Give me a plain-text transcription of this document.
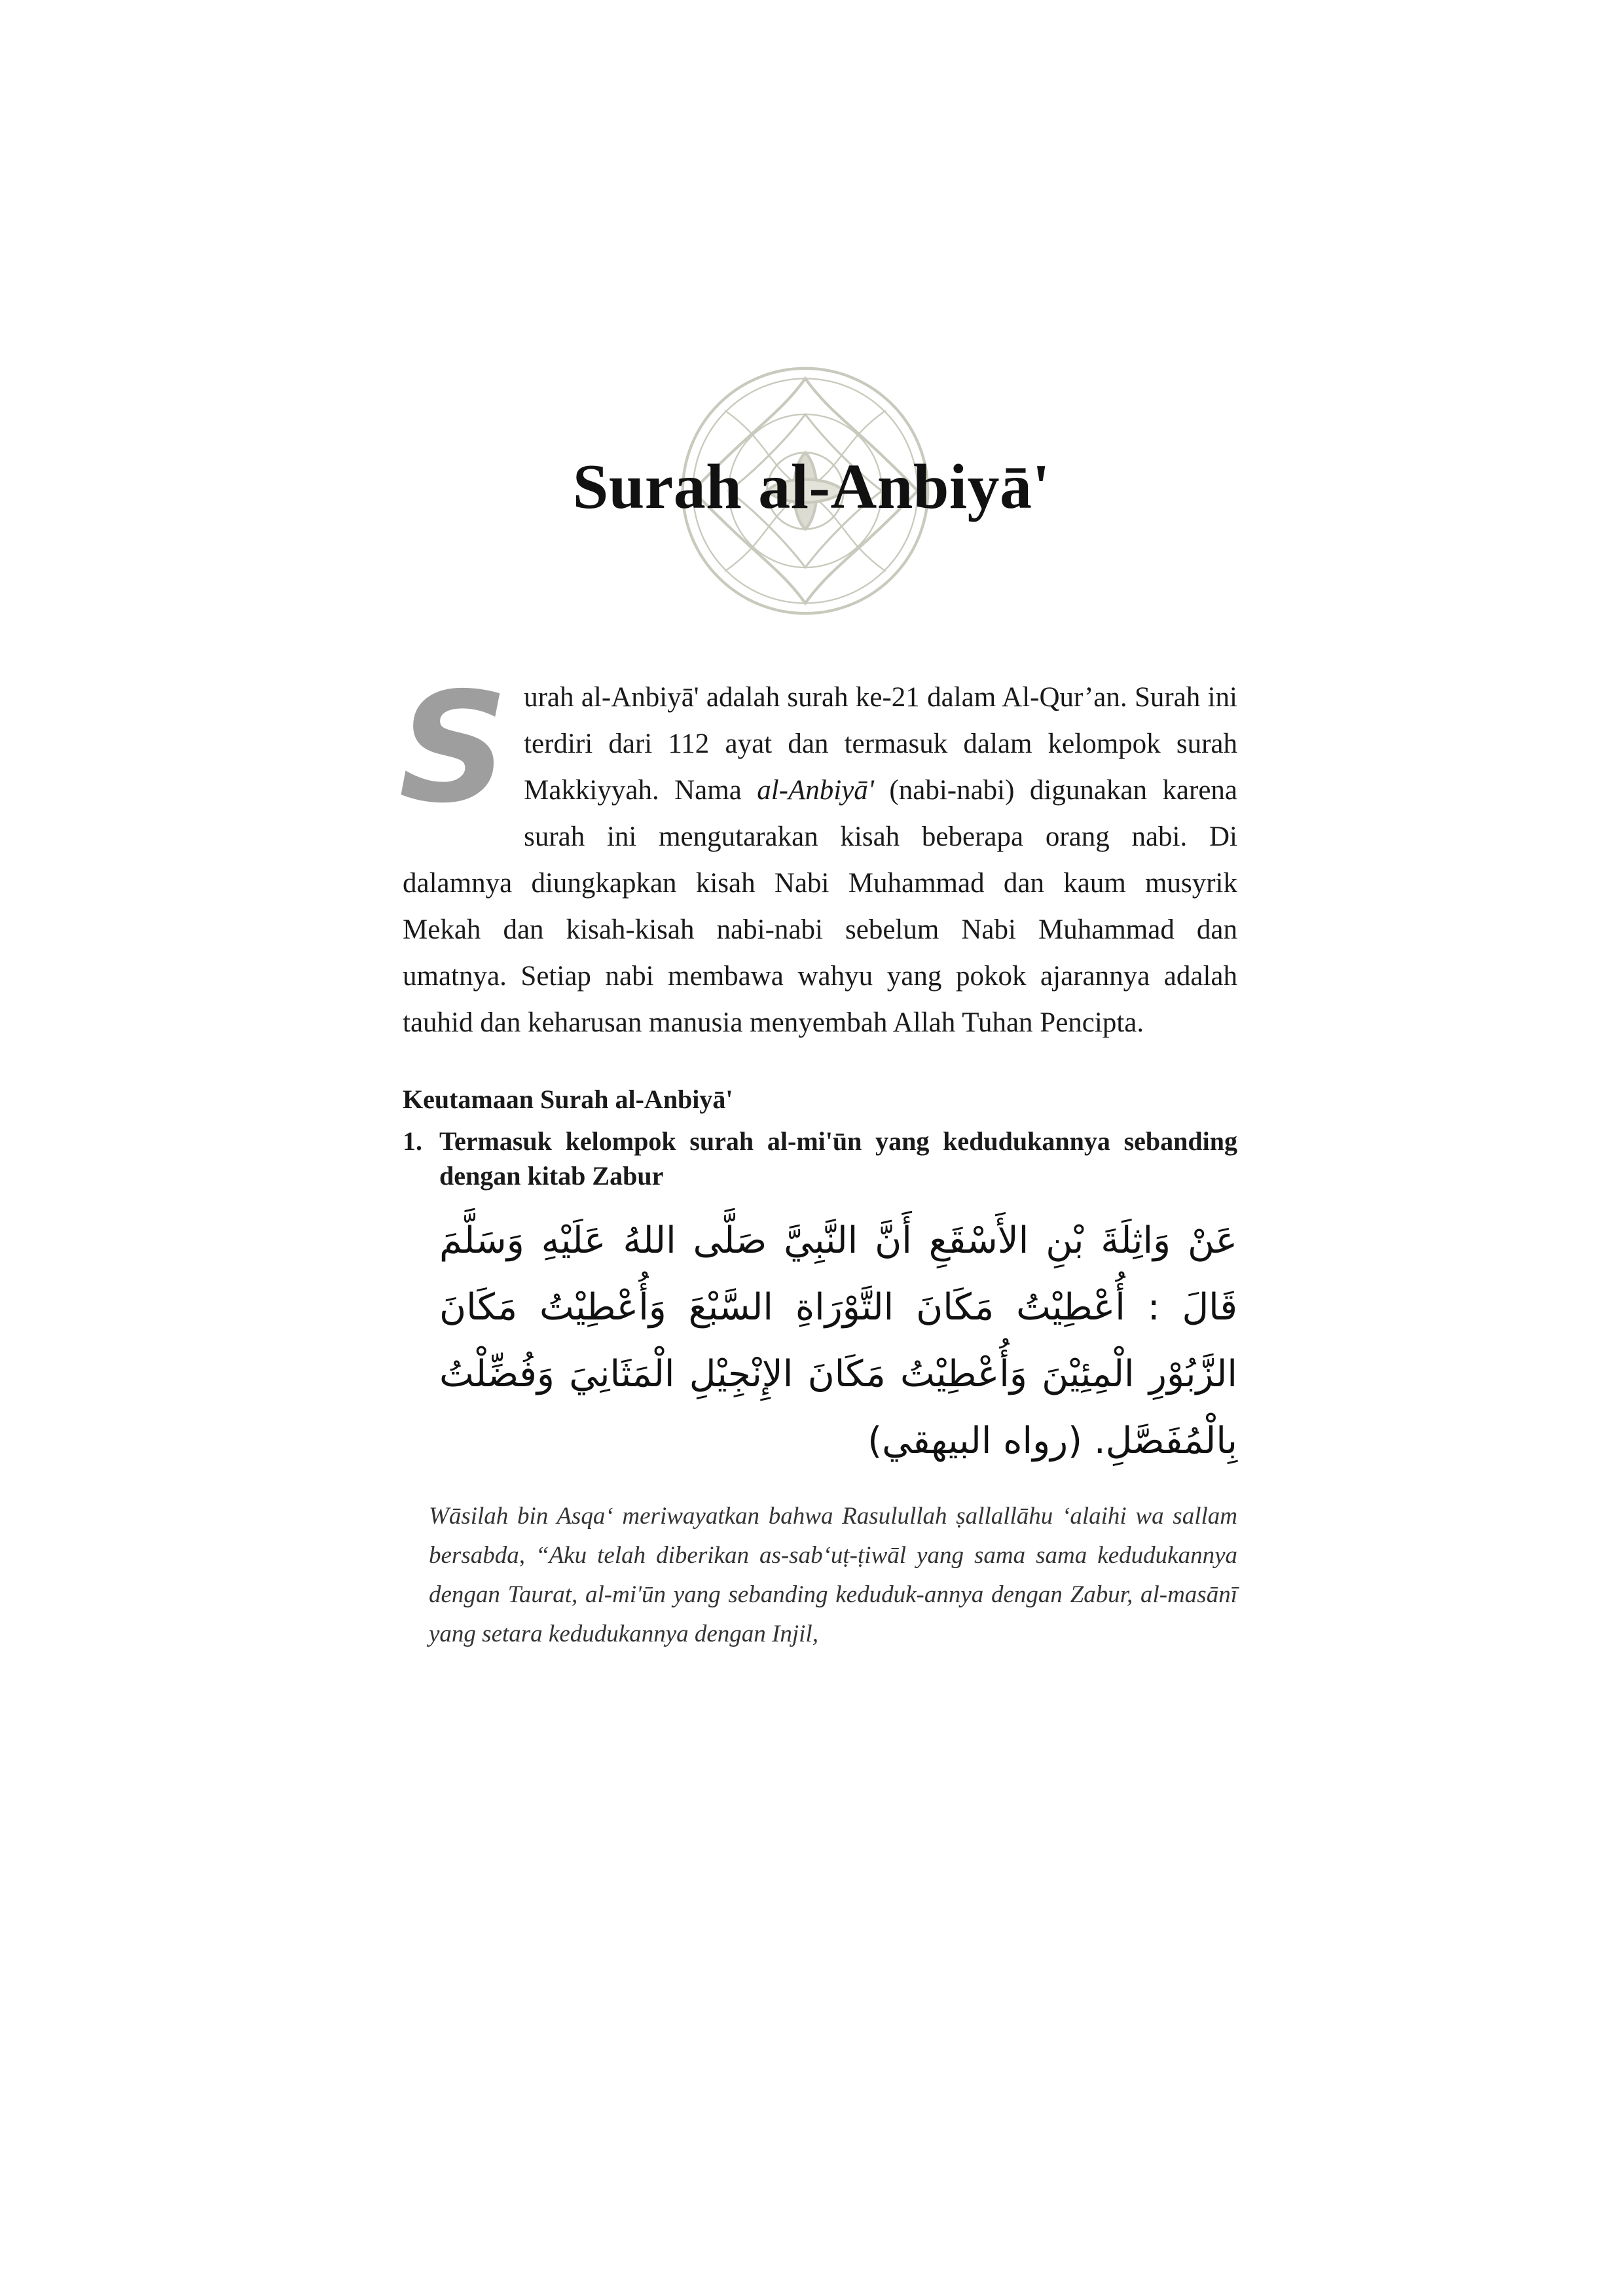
Surah al-Anbiyā'

Surah al-Anbiyā' adalah surah ke-21 dalam Al-Qur’an. Surah ini terdiri dari 112 ayat dan termasuk dalam kelompok surah Makkiyyah. Nama al-Anbiyā' (nabi-nabi) digunakan karena surah ini mengutarakan kisah beberapa orang nabi. Di dalamnya diungkapkan kisah Nabi Muhammad dan kaum musyrik Mekah dan kisah-kisah nabi-nabi sebelum Nabi Muhammad dan umatnya. Setiap nabi membawa wahyu yang pokok ajarannya adalah tauhid dan keharusan manusia menyembah Allah Tuhan Pencipta.

Keutamaan Surah al-Anbiyā'
1. Termasuk kelompok surah al-mi'ūn yang kedudukannya sebanding dengan kitab Zabur
عَنْ وَاثِلَةَ بْنِ الأَسْقَعِ أَنَّ النَّبِيَّ صَلَّى اللهُ عَلَيْهِ وَسَلَّمَ قَالَ : أُعْطِيْتُ مَكَانَ التَّوْرَاةِ السَّبْعَ وَأُعْطِيْتُ مَكَانَ الزَّبُوْرِ الْمِئِيْنَ وَأُعْطِيْتُ مَكَانَ الإِنْجِيْلِ الْمَثَانِيَ وَفُضِّلْتُ بِالْمُفَصَّلِ. (رواه البيهقي)
Wāsilah bin Asqa‘ meriwayatkan bahwa Rasulullah ṣallallāhu ‘alaihi wa sallam bersabda, “Aku telah diberikan as-sab‘uṭ-ṭiwāl yang sama sama kedudukannya dengan Taurat, al-mi'ūn yang sebanding keduduk-annya dengan Zabur, al-masānī yang setara kedudukannya dengan Injil,
